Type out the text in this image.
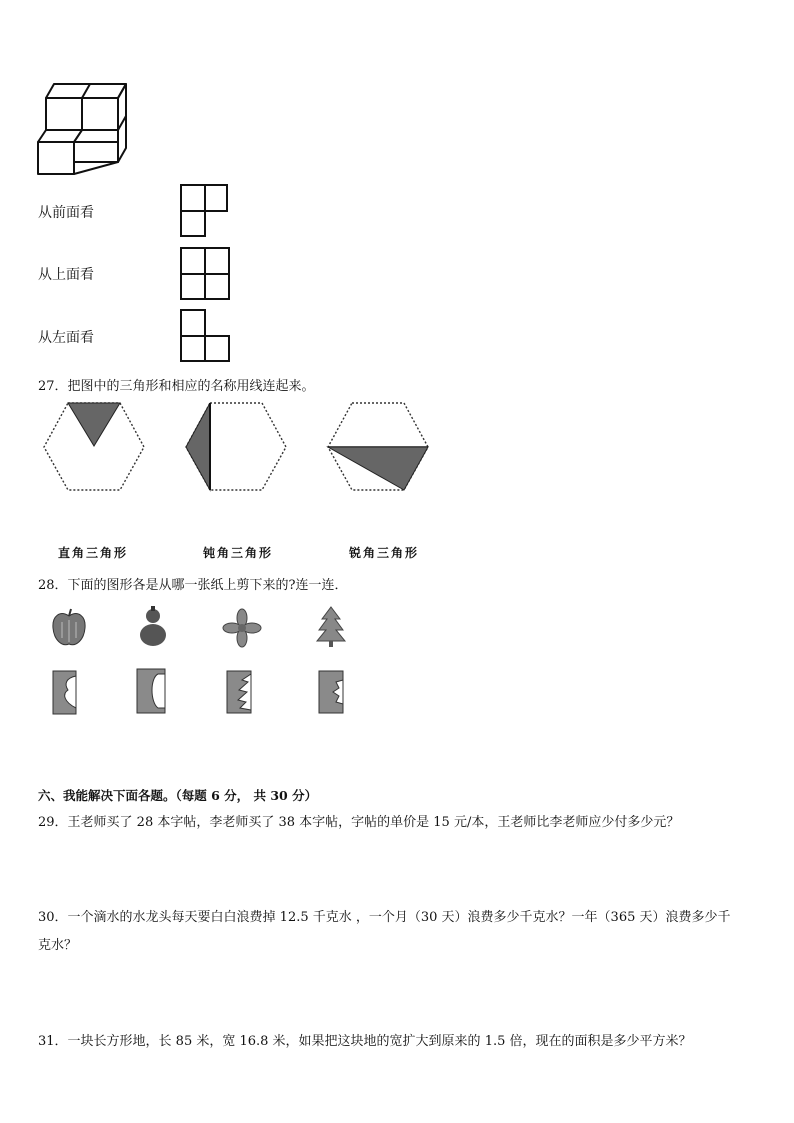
从前面看
从上面看
从左面看
27．把图中的三角形和相应的名称用线连起来。
直角三角形	钝角三角形	锐角三角形
28．下面的图形各是从哪一张纸上剪下来的?连一连．
六、我能解决下面各题。（每题 6 分， 共 30 分）
29．王老师买了 28 本字帖，李老师买了 38 本字帖，字帖的单价是 15 元/本，王老师比李老师应少付多少元？
30．一个滴水的水龙头每天要白白浪费掉 12.5 千克水 ，一个月（30 天）浪费多少千克水？一年（365 天）浪费多少千
克水？
31．一块长方形地，长 85 米，宽 16.8 米，如果把这块地的宽扩大到原来的 1.5 倍，现在的面积是多少平方米？
